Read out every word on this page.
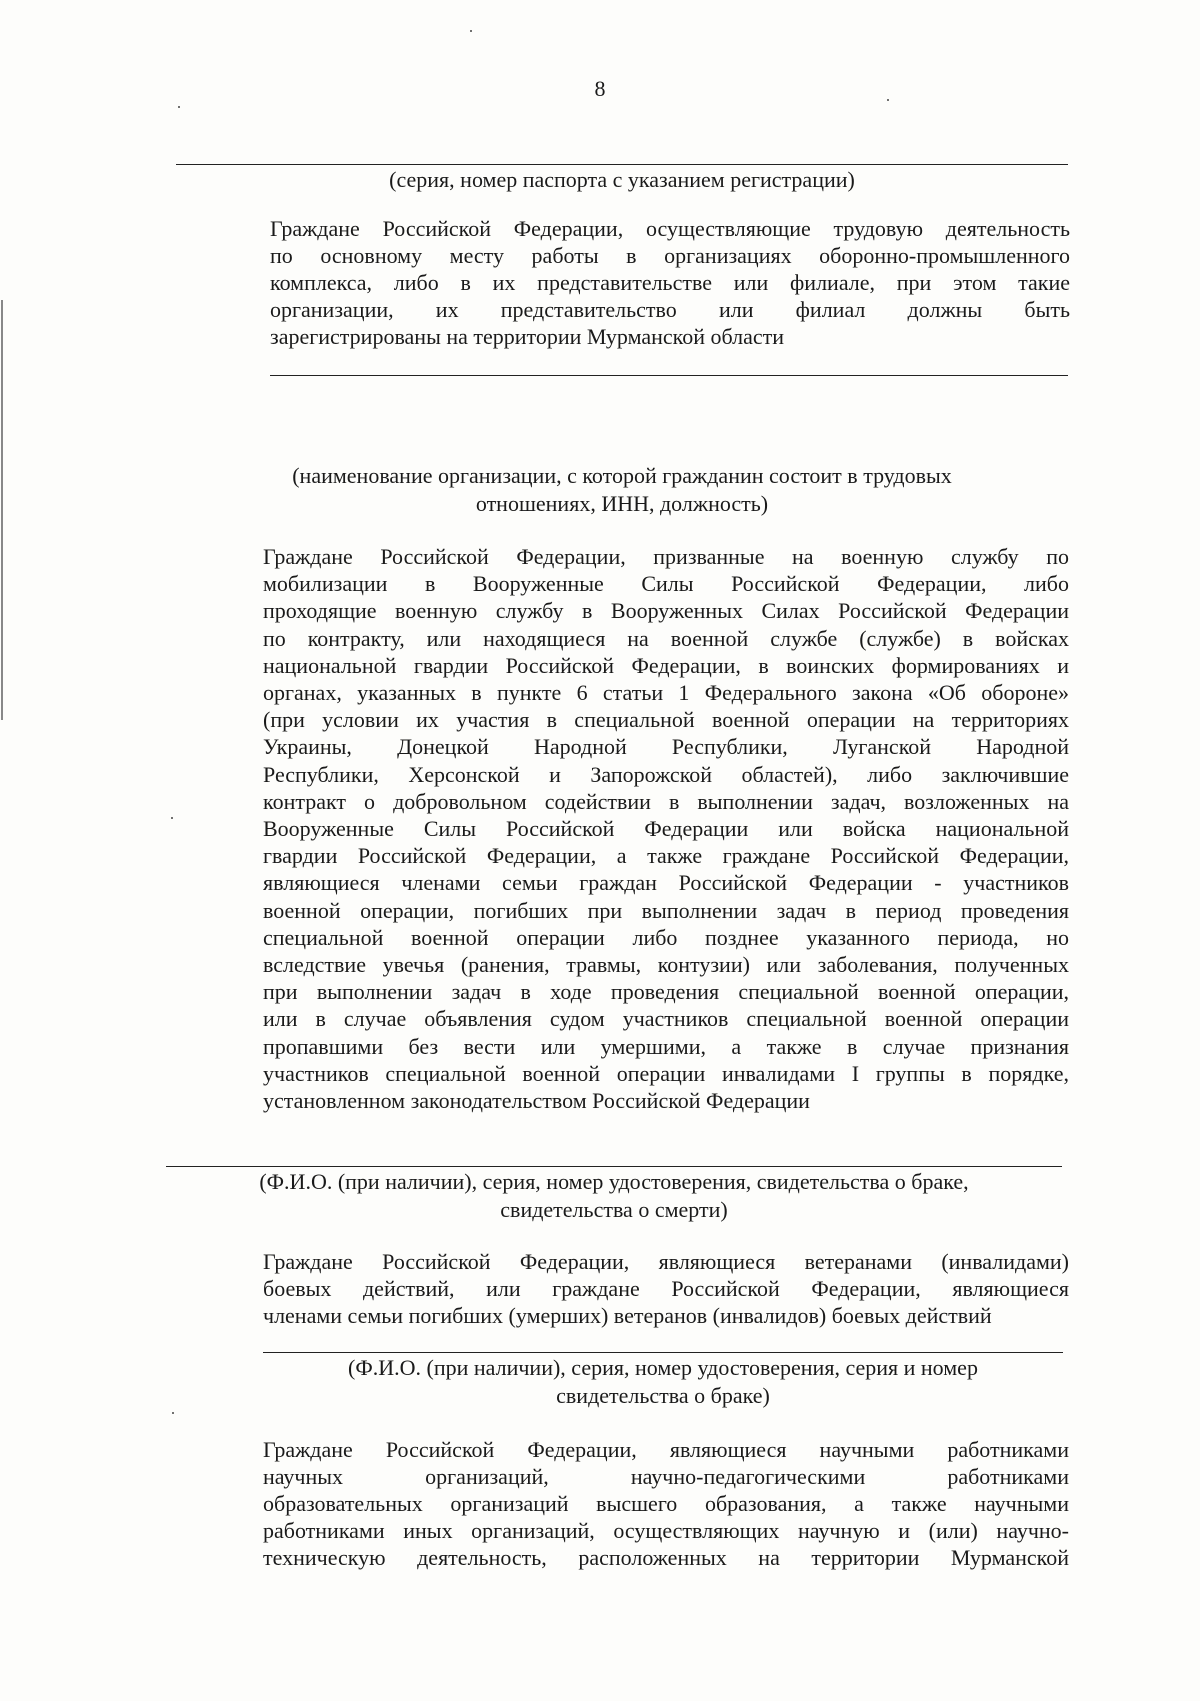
8
(серия, номер паспорта с указанием регистрации)
Граждане Российской Федерации, осуществляющие трудовую деятельность
по основному месту работы в организациях оборонно-промышленного
комплекса, либо в их представительстве или филиале, при этом такие
организации, их представительство или филиал должны быть
зарегистрированы на территории Мурманской области
(наименование организации, с которой гражданин состоит в трудовых
отношениях, ИНН, должность)
Граждане Российской Федерации, призванные на военную службу по
мобилизации в Вооруженные Силы Российской Федерации, либо
проходящие военную службу в Вооруженных Силах Российской Федерации
по контракту, или находящиеся на военной службе (службе) в войсках
национальной гвардии Российской Федерации, в воинских формированиях и
органах, указанных в пункте 6 статьи 1 Федерального закона «Об обороне»
(при условии их участия в специальной военной операции на территориях
Украины, Донецкой Народной Республики, Луганской Народной
Республики, Херсонской и Запорожской областей), либо заключившие
контракт о добровольном содействии в выполнении задач, возложенных на
Вооруженные Силы Российской Федерации или войска национальной
гвардии Российской Федерации, а также граждане Российской Федерации,
являющиеся членами семьи граждан Российской Федерации - участников
военной операции, погибших при выполнении задач в период проведения
специальной военной операции либо позднее указанного периода, но
вследствие увечья (ранения, травмы, контузии) или заболевания, полученных
при выполнении задач в ходе проведения специальной военной операции,
или в случае объявления судом участников специальной военной операции
пропавшими без вести или умершими, а также в случае признания
участников специальной военной операции инвалидами I группы в порядке,
установленном законодательством Российской Федерации
(Ф.И.О. (при наличии), серия, номер удостоверения, свидетельства о браке,
свидетельства о смерти)
Граждане Российской Федерации, являющиеся ветеранами (инвалидами)
боевых действий, или граждане Российской Федерации, являющиеся
членами семьи погибших (умерших) ветеранов (инвалидов) боевых действий
(Ф.И.О. (при наличии), серия, номер удостоверения, серия и номер
свидетельства о браке)
Граждане Российской Федерации, являющиеся научными работниками
научных организаций, научно-педагогическими работниками
образовательных организаций высшего образования, а также научными
работниками иных организаций, осуществляющих научную и (или) научно-
техническую деятельность, расположенных на территории Мурманской
